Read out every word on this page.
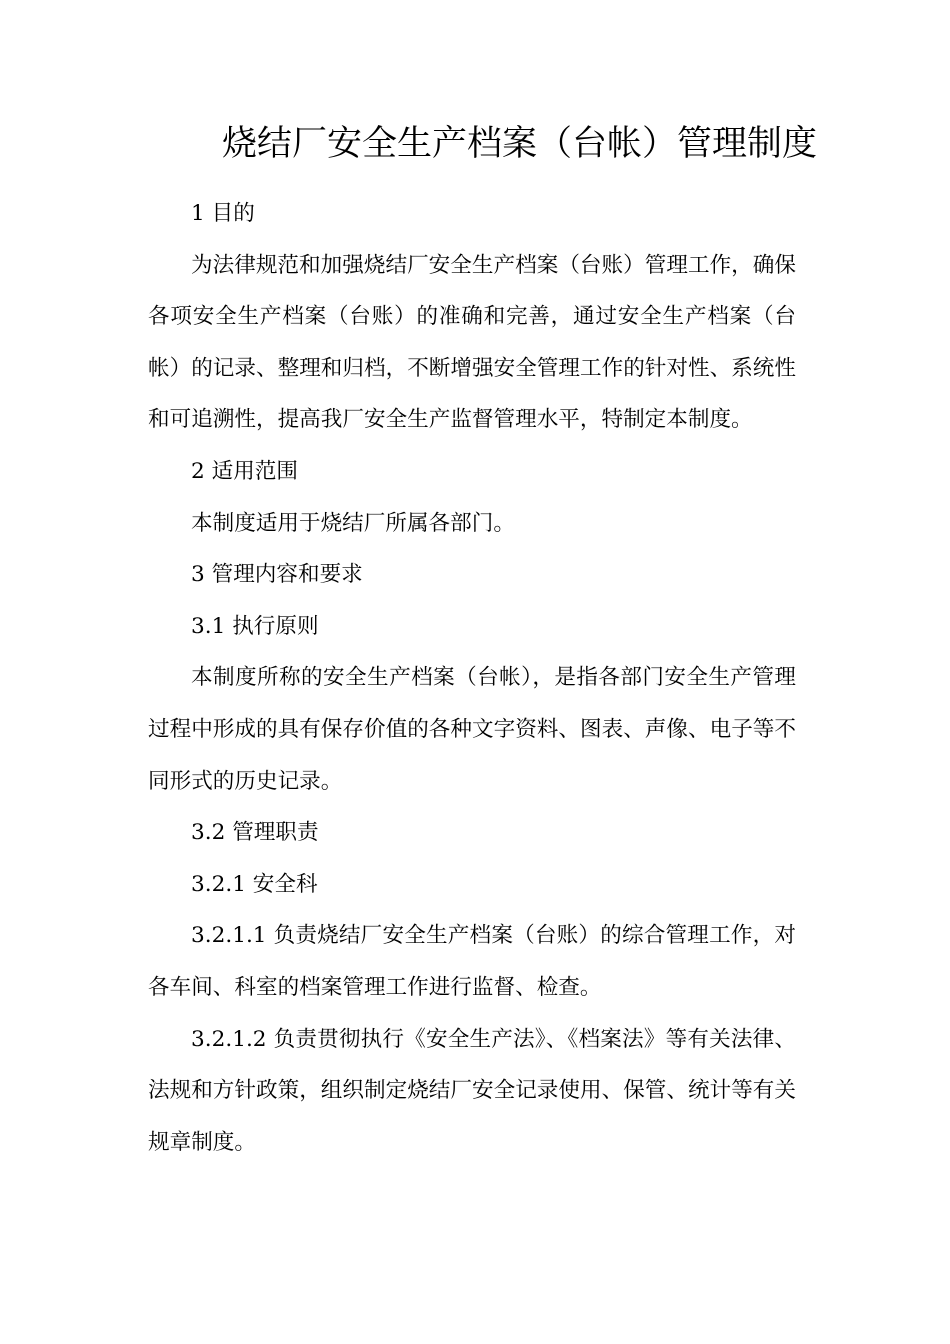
烧结厂安全生产档案（台帐）管理制度

1 目的

为法律规范和加强烧结厂安全生产档案（台账）管理工作，确保各项安全生产档案（台账）的准确和完善，通过安全生产档案（台帐）的记录、整理和归档，不断增强安全管理工作的针对性、系统性和可追溯性，提高我厂安全生产监督管理水平，特制定本制度。

2 适用范围

本制度适用于烧结厂所属各部门。

3 管理内容和要求

3.1 执行原则

本制度所称的安全生产档案（台帐），是指各部门安全生产管理过程中形成的具有保存价值的各种文字资料、图表、声像、电子等不同形式的历史记录。

3.2 管理职责

3.2.1 安全科

3.2.1.1 负责烧结厂安全生产档案（台账）的综合管理工作，对各车间、科室的档案管理工作进行监督、检查。

3.2.1.2 负责贯彻执行《安全生产法》、《档案法》等有关法律、法规和方针政策，组织制定烧结厂安全记录使用、保管、统计等有关规章制度。
